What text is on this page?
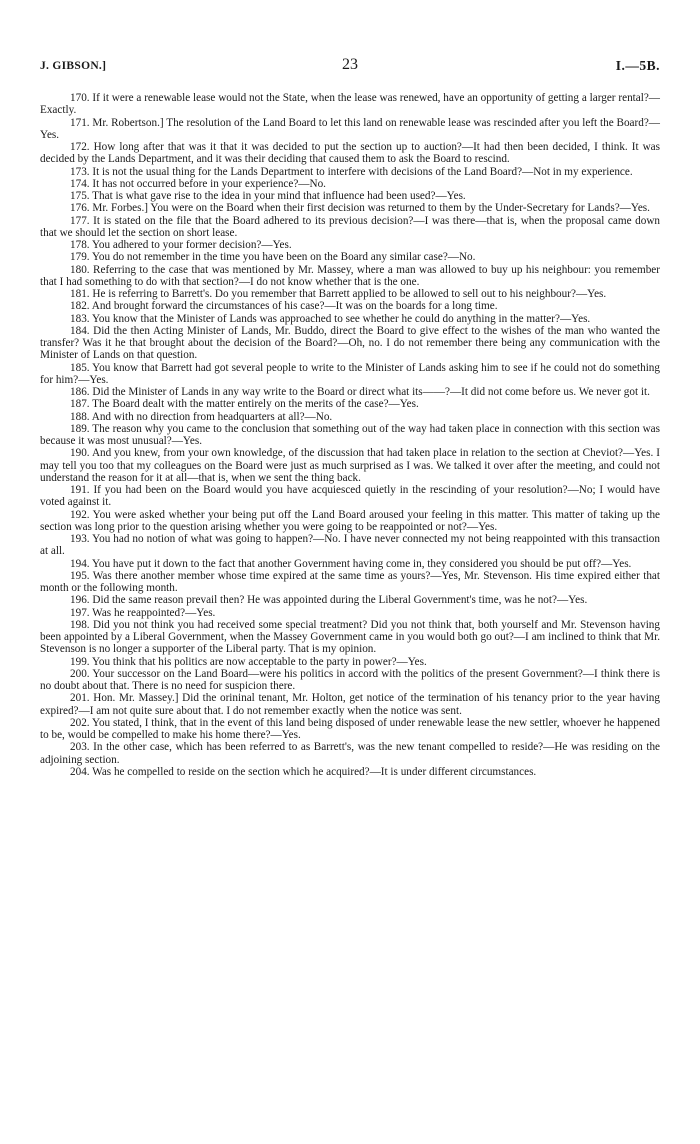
J. GIBSON.]	23	I.—5B.

170. If it were a renewable lease would not the State, when the lease was renewed, have an opportunity of getting a larger rental?—Exactly.

171. Mr. Robertson.] The resolution of the Land Board to let this land on renewable lease was rescinded after you left the Board?—Yes.

172. How long after that was it that it was decided to put the section up to auction?—It had then been decided, I think. It was decided by the Lands Department, and it was their deciding that caused them to ask the Board to rescind.

173. It is not the usual thing for the Lands Department to interfere with decisions of the Land Board?—Not in my experience.

174. It has not occurred before in your experience?—No.

175. That is what gave rise to the idea in your mind that influence had been used?—Yes.

176. Mr. Forbes.] You were on the Board when their first decision was returned to them by the Under-Secretary for Lands?—Yes.

177. It is stated on the file that the Board adhered to its previous decision?—I was there—that is, when the proposal came down that we should let the section on short lease.

178. You adhered to your former decision?—Yes.

179. You do not remember in the time you have been on the Board any similar case?—No.

180. Referring to the case that was mentioned by Mr. Massey, where a man was allowed to buy up his neighbour: you remember that I had something to do with that section?—I do not know whether that is the one.

181. He is referring to Barrett's. Do you remember that Barrett applied to be allowed to sell out to his neighbour?—Yes.

182. And brought forward the circumstances of his case?—It was on the boards for a long time.

183. You know that the Minister of Lands was approached to see whether he could do anything in the matter?—Yes.

184. Did the then Acting Minister of Lands, Mr. Buddo, direct the Board to give effect to the wishes of the man who wanted the transfer? Was it he that brought about the decision of the Board?—Oh, no. I do not remember there being any communication with the Minister of Lands on that question.

185. You know that Barrett had got several people to write to the Minister of Lands asking him to see if he could not do something for him?—Yes.

186. Did the Minister of Lands in any way write to the Board or direct what its——?—It did not come before us. We never got it.

187. The Board dealt with the matter entirely on the merits of the case?—Yes.

188. And with no direction from headquarters at all?—No.

189. The reason why you came to the conclusion that something out of the way had taken place in connection with this section was because it was most unusual?—Yes.

190. And you knew, from your own knowledge, of the discussion that had taken place in relation to the section at Cheviot?—Yes. I may tell you too that my colleagues on the Board were just as much surprised as I was. We talked it over after the meeting, and could not understand the reason for it at all—that is, when we sent the thing back.

191. If you had been on the Board would you have acquiesced quietly in the rescinding of your resolution?—No; I would have voted against it.

192. You were asked whether your being put off the Land Board aroused your feeling in this matter. This matter of taking up the section was long prior to the question arising whether you were going to be reappointed or not?—Yes.

193. You had no notion of what was going to happen?—No. I have never connected my not being reappointed with this transaction at all.

194. You have put it down to the fact that another Government having come in, they considered you should be put off?—Yes.

195. Was there another member whose time expired at the same time as yours?—Yes, Mr. Stevenson. His time expired either that month or the following month.

196. Did the same reason prevail then? He was appointed during the Liberal Government's time, was he not?—Yes.

197. Was he reappointed?—Yes.

198. Did you not think you had received some special treatment? Did you not think that, both yourself and Mr. Stevenson having been appointed by a Liberal Government, when the Massey Government came in you would both go out?—I am inclined to think that Mr. Stevenson is no longer a supporter of the Liberal party. That is my opinion.

199. You think that his politics are now acceptable to the party in power?—Yes.

200. Your successor on the Land Board—were his politics in accord with the politics of the present Government?—I think there is no doubt about that. There is no need for suspicion there.

201. Hon. Mr. Massey.] Did the orininal tenant, Mr. Holton, get notice of the termination of his tenancy prior to the year having expired?—I am not quite sure about that. I do not remember exactly when the notice was sent.

202. You stated, I think, that in the event of this land being disposed of under renewable lease the new settler, whoever he happened to be, would be compelled to make his home there?—Yes.

203. In the other case, which has been referred to as Barrett's, was the new tenant compelled to reside?—He was residing on the adjoining section.

204. Was he compelled to reside on the section which he acquired?—It is under different circumstances.
